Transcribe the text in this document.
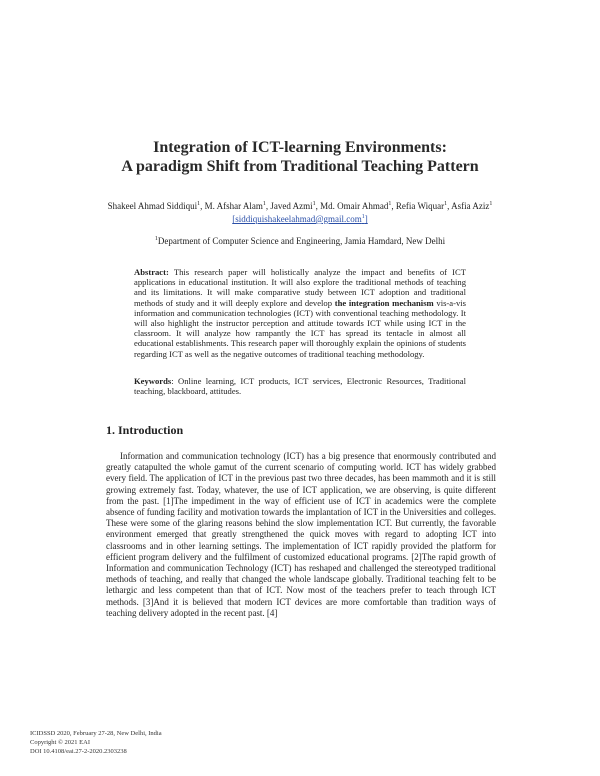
Integration of ICT-learning Environments:
A paradigm Shift from Traditional Teaching Pattern
Shakeel Ahmad Siddiqui$^1$, M. Afshar Alam$^1$, Javed Azmi$^1$, Md. Omair Ahmad$^1$, Refia Wiquar$^1$, Asfia Aziz$^1$
[siddiquishakeelahmad@gmail.com$^1$]
$^1$Department of Computer Science and Engineering, Jamia Hamdard, New Delhi
Abstract: This research paper will holistically analyze the impact and benefits of ICT applications in educational institution. It will also explore the traditional methods of teaching and its limitations. It will make comparative study between ICT adoption and traditional methods of study and it will deeply explore and develop the integration mechanism vis-a-vis information and communication technologies (ICT) with conventional teaching methodology. It will also highlight the instructor perception and attitude towards ICT while using ICT in the classroom. It will analyze how rampantly the ICT has spread its tentacle in almost all educational establishments. This research paper will thoroughly explain the opinions of students regarding ICT as well as the negative outcomes of traditional teaching methodology.
Keywords: Online learning, ICT products, ICT services, Electronic Resources, Traditional teaching, blackboard, attitudes.
1. Introduction
Information and communication technology (ICT) has a big presence that enormously contributed and greatly catapulted the whole gamut of the current scenario of computing world. ICT has widely grabbed every field. The application of ICT in the previous past two three decades, has been mammoth and it is still growing extremely fast. Today, whatever, the use of ICT application, we are observing, is quite different from the past. [1]The impediment in the way of efficient use of ICT in academics were the complete absence of funding facility and motivation towards the implantation of ICT in the Universities and colleges. These were some of the glaring reasons behind the slow implementation ICT. But currently, the favorable environment emerged that greatly strengthened the quick moves with regard to adopting ICT into classrooms and in other learning settings. The implementation of ICT rapidly provided the platform for efficient program delivery and the fulfilment of customized educational programs. [2]The rapid growth of Information and communication Technology (ICT) has reshaped and challenged the stereotyped traditional methods of teaching, and really that changed the whole landscape globally. Traditional teaching felt to be lethargic and less competent than that of ICT. Now most of the teachers prefer to teach through ICT methods. [3]And it is believed that modern ICT devices are more comfortable than tradition ways of teaching delivery adopted in the recent past. [4]
ICIDSSD 2020, February 27-28, New Delhi, India
Copyright © 2021 EAI
DOI 10.4108/eai.27-2-2020.2303238
